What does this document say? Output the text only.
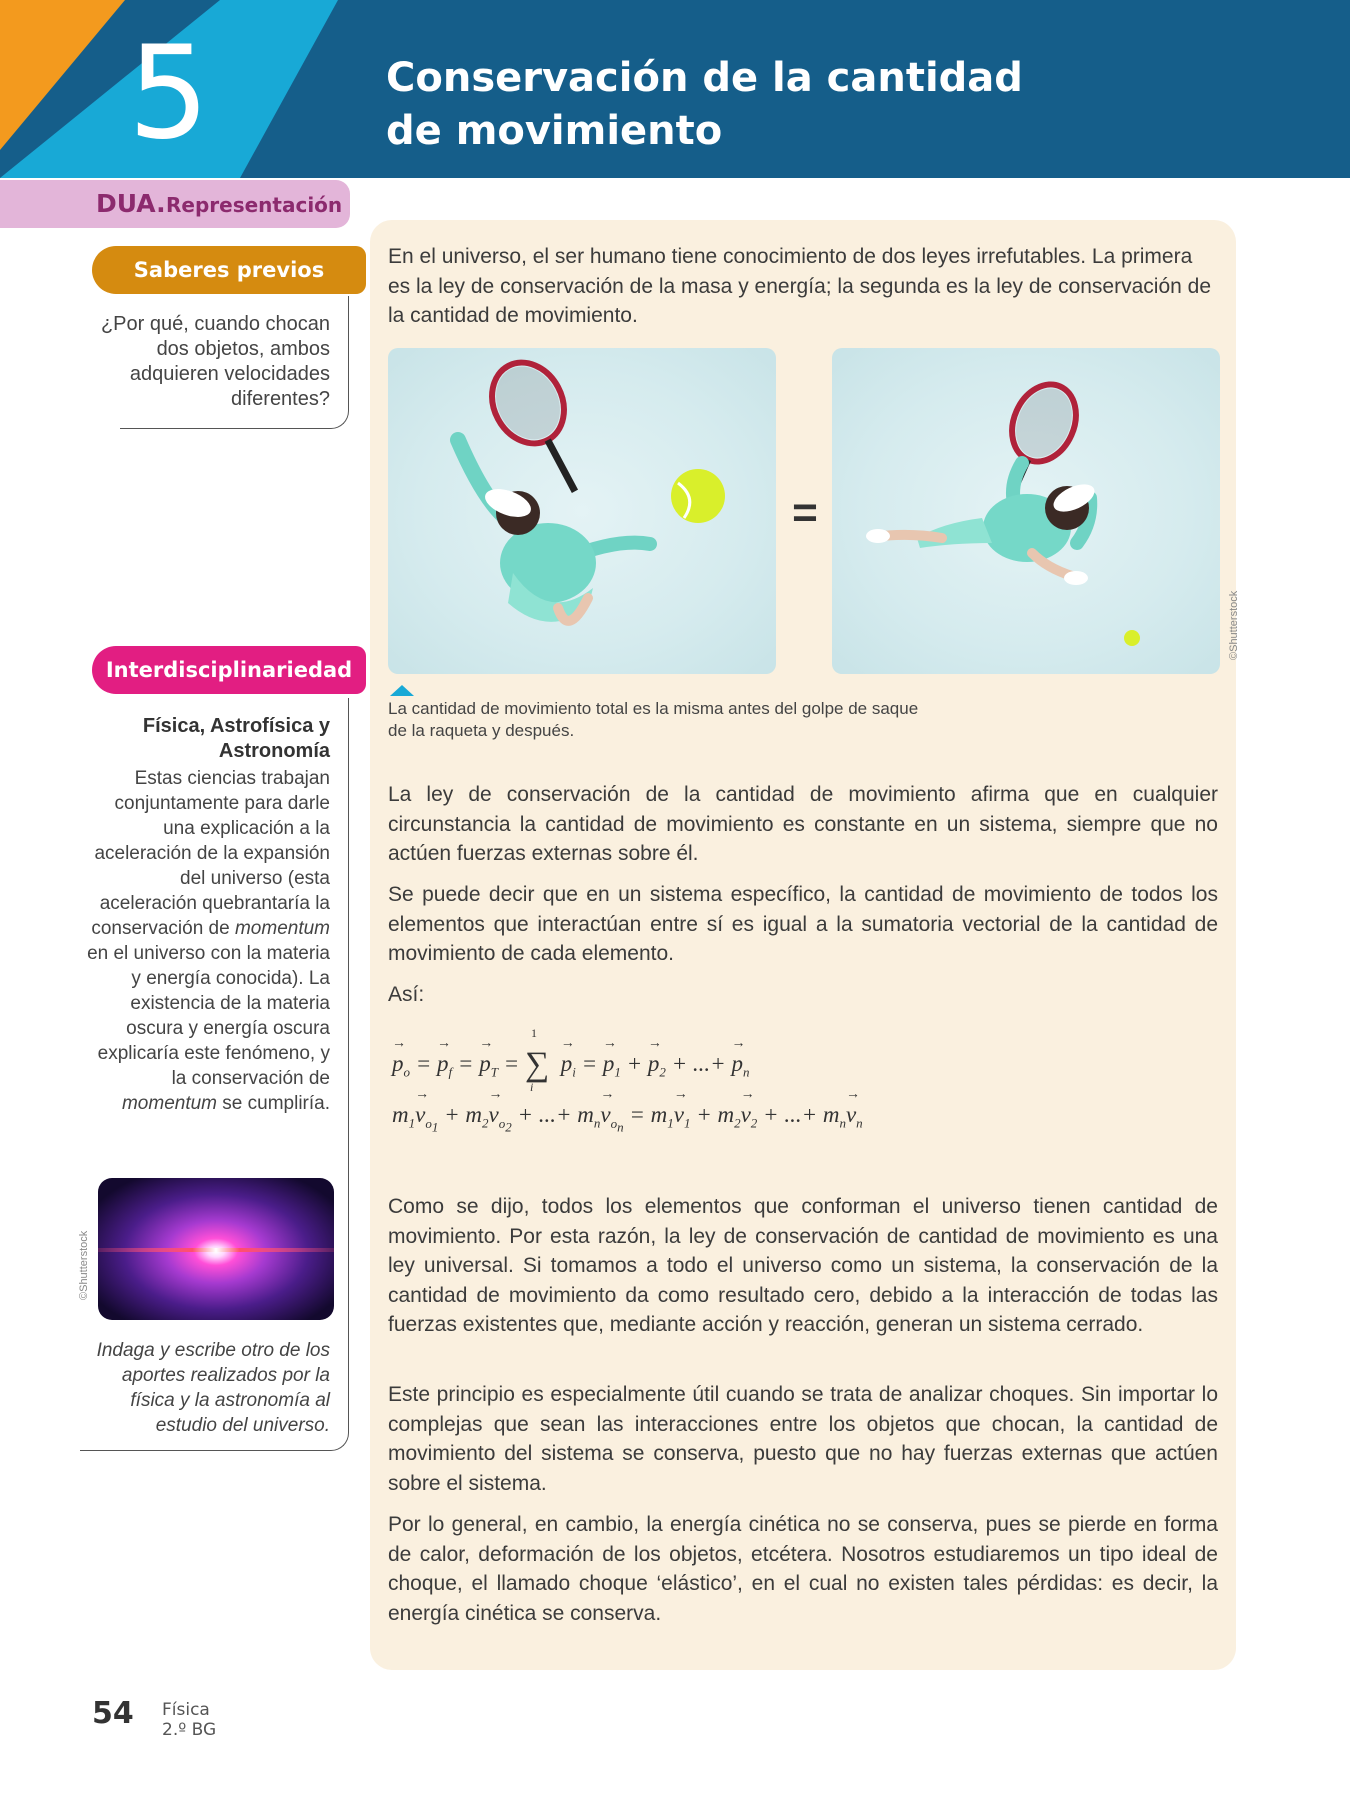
5	Conservación de la cantidad
de movimiento
DUA. Representación
Saberes previos
¿Por qué, cuando chocan dos objetos, ambos adquieren velocidades diferentes?
Interdisciplinariedad
Física, Astrofísica y Astronomía
Estas ciencias trabajan conjuntamente para darle una explicación a la aceleración de la expansión del universo (esta aceleración quebrantaría la conservación de momentum en el universo con la materia y energía conocida). La existencia de la materia oscura y energía oscura explicaría este fenómeno, y la conservación de momentum se cumpliría.
Indaga y escribe otro de los aportes realizados por la física y la astronomía al estudio del universo.
©Shutterstock
En el universo, el ser humano tiene conocimiento de dos leyes irrefutables. La primera es la ley de conservación de la masa y energía; la segunda es la ley de conservación de la cantidad de movimiento.
=
©Shutterstock
La cantidad de movimiento total es la misma antes del golpe de saque
de la raqueta y después.
La ley de conservación de la cantidad de movimiento afirma que en cualquier circunstancia la cantidad de movimiento es constante en un sistema, siempre que no actúen fuerzas externas sobre él.
Se puede decir que en un sistema específico, la cantidad de movimiento de todos los elementos que interactúan entre sí es igual a la sumatoria vectorial de la cantidad de movimiento de cada elemento.
Así:
1
→ $p_o$ = → $p_f$ = → $p_T$ = ∑  → $p_i$ = → $p_1$ + → $p_2$ + ...+ → $p_n$
i
$m_1\to v_{o_1} + m_2\to v_{o_2}$ + ...+ $m_n\to v_{o_n} = m_1\to v_1 + m_2\to v_2$ + ...+ $m_n\to v_n$
Como se dijo, todos los elementos que conforman el universo tienen cantidad de movimiento. Por esta razón, la ley de conservación de cantidad de movimiento es una ley universal. Si tomamos a todo el universo como un sistema, la conservación de la cantidad de movimiento da como resultado cero, debido a la interacción de todas las fuerzas existentes que, mediante acción y reacción, generan un sistema cerrado.
Este principio es especialmente útil cuando se trata de analizar choques. Sin importar lo complejas que sean las interacciones entre los objetos que chocan, la cantidad de movimiento del sistema se conserva, puesto que no hay fuerzas externas que actúen sobre el sistema.
Por lo general, en cambio, la energía cinética no se conserva, pues se pierde en forma de calor, deformación de los objetos, etcétera. Nosotros estudiaremos un tipo ideal de choque, el llamado choque ‘elástico’, en el cual no existen tales pérdidas: es decir, la energía cinética se conserva.
54 Física
2.º BG
